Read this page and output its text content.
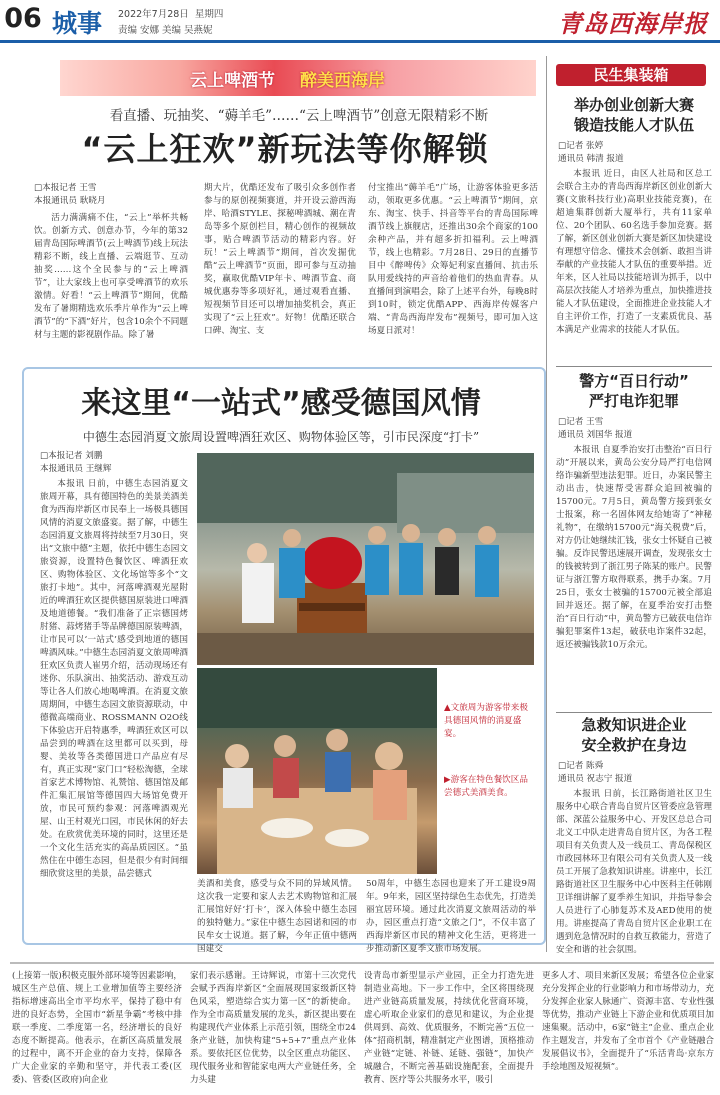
06 城事 2022年7月28日 星期四
责编 安娜 美编 吴燕妮	青岛西海岸报
云上啤酒节 醉美西海岸
看直播、玩抽奖、“薅羊毛”……“云上啤酒节”创意无限精彩不断
“云上狂欢”新玩法等你解锁
□本报记者 王雪
本报通讯员 耿晓月
活力满满痛不住，“云上”举杯共畅饮。创新方式、创意办节，今年的第32届青岛国际啤酒节(云上啤酒节)线上玩法精彩不断，线上直播、云端逛节、互动抽奖……这个全民参与的“云上啤酒节”，让大家线上也可享受啤酒节的欢乐激情。好看！“云上啤酒节”期间，优酷发布了暑期精选欢乐季片单作为“云上啤酒节”的“下酒”好片，包含10余个不同题材与主题的影视剧作品。除了暑
期大片，优酷还发布了吸引众多创作者参与的原创视频赛道，并开设云游西海岸、哈酒STYLE、探秘啤酒城、潮在青岛等多个原创栏目，精心创作的视频故事，贴合啤酒节活动的精彩内容。好玩！“云上啤酒节”期间，首次发掘优酷“云上啤酒节”页面，即可参与互动抽奖，赢取优酷VIP年卡、啤酒节盒、商城优惠券等多项好礼，通过观看直播、短视频节目还可以增加抽奖机会，真正实现了“云上狂欢”。好物！优酷还联合口碑、淘宝、支
付宝推出“薅羊毛”广场，让游客体验更多活动，领取更多优惠。“云上啤酒节”期间，京东、淘宝、快手、抖音等平台的青岛国际啤酒节线上旗舰店，还推出30余个商家的100余种产品，并有超多折扣福利。云上啤酒节，线上也精彩。7月28日、29日的直播节目中《醉啤传》众筹妃利家直播间、抗击乐队用爱线持的声音给着他们的热血青春。从直播间到演唱会，除了上述平台外，每晚8时到10时，锁定优酷APP、西海岸传媒客户端、“青岛西海岸发布”视频号，即可加入这场夏日派对！
来这里“一站式”感受德国风情
中德生态园消夏文旅周设置啤酒狂欢区、购物体验区等，引市民深度“打卡”
□本报记者 刘鹏
本报通讯员 王继辉
本报讯 日前，中德生态园消夏文旅周开幕，具有德国特色的美景美酒美食为西海岸新区市民奉上一场极具德国风情的消夏文旅盛宴。据了解，中德生态园消夏文旅周将持续至7月30日，突出“文旅中德”主题，依托中德生态园文旅资源，设置特色餐饮区、啤酒狂欢区、购物体验区、文化场馆等多个“文旅打卡地”。其中，河落啤酒观光屋附近的啤酒狂欢区提供德国原装进口啤酒及地道德餐。“我们准备了正宗德国烤肘猪、蒜烤猪手等品牌德国原装啤酒，让市民可以‘一站式’感受到地道的德国啤酒风味。”中德生态园消夏文旅周啤酒狂欢区负责人崔男介绍，活动现场还有迷你、乐队演出、抽奖活动、游戏互动等让各人们放心地喝啤酒。在消夏文旅周期间，中德生态园文旅资源联动，中德微高端商业、ROSSMANN O2O线下体验店开启特惠季，啤酒狂欢区可以品尝到的啤酒在这里都可以买到，母婴、美妆等各类德国进口产品应有尽有，真正实现“家门口”轻松淘德，全球首家艺术博物馆、礼赞馆、德国馆及邮件汇集汇展馆等德国四大场馆免费开放，市民可预约参观：河落啤酒观光屋、山王村观光口园，市民休闲的好去处。在欣赏优美环境的同时，这里还是一个文化生活充实的高品质园区。“虽然住在中德生态园，但是很少有时间细细欣赏这里的美景，品尝德式
▲文旅周为游客带来极具德国风情的消夏盛宴。
▶游客在特色餐饮区品尝德式美酒美食。
美酒和美食，感受与众不同的异域风情。这次我一定要和家人去艺术购物馆和汇展汇展馆好好‘打卡’，深入体验中德生态园的独特魅力。”家住中德生态园诺和园的市民牟女士说道。据了解，今年正值中德两国建交
50周年，中德生态园也迎来了开工建设9周年。9年来，园区坚持绿色生态优先，打造美丽宜居环境。通过此次消夏文旅周活动的举办，园区重点打造“文旅之门”，不仅丰富了西海岸新区市民的精神文化生活，更将进一步推动新区夏季文旅市场发展。
民生集装箱
举办创业创新大赛
锻造技能人才队伍
□记者 张婷
通讯员 韩清 报道
本报讯 近日，由区人社局和区总工会联合主办的青岛西海岸新区创业创新大赛(文旅科技行业)高职业技能竞赛)，在超迪集群创新大厦举行，共有11家单位、20个团队、60名选手参加竞赛。据了解，新区创业创新大赛是新区加快建设有理想守信念、懂技术会创新、敢担当讲奉献的产业技能人才队伍的重要举措。近年来，区人社局以技能培训为抓手，以中高层次技能人才培养为重点，加快推进技能人才队伍建设，全面推进企业技能人才自主评价工作，打造了一支素质优良、基本满足产业需求的技能人才队伍。
警方“百日行动”
严打电诈犯罪
□记者 王雪
通讯员 刘国华 报道
本报讯 自夏季治安打击整治“百日行动”开展以来，黄岛公安分局严打电信网络诈骗新型违法犯罪。近日，办案民警主动出击，快速帮受害群众追回被骗的15700元。7月5日，黄岛警方接到张女士报案，称一名固体网友给她寄了“神秘礼物”，在缴纳15700元“海关税费”后，对方仍让她继续汇钱，张女士怀疑自己被骗。反诈民警迅速展开调查，发现张女士的钱被转到了浙江男子陈某的账户。民警证与浙江警方取得联系，携手办案。7月25日，张女士被骗的15700元被全部追回并返还。据了解，在夏季治安打击整治“百日行动”中，黄岛警方已破获电信诈骗犯罪案件13起，破获电诈案件32起，返还被骗钱款10万余元。
急救知识进企业
安全救护在身边
□记者 陈舜
通讯员 祝志宁 报道
本报讯 日前，长江路街道社区卫生服务中心联合青岛自贸片区管委应急管理部、深蓝公益服务中心、开发区总总合司北义工中队走进青岛自贸片区，为各工程项目有关负责人及一线员工、青岛保税区市政园林环卫有限公司有关负责人及一线员工开展了急救知识讲座。讲座中，长江路街道社区卫生服务中心中医科主任韩刚卫详细讲解了夏季养生知识，并指导参会人员进行了心肺复苏术及AED使用的使用。讲座提高了青岛自贸片区企业职工在遇到危急情况时的自救互救能力，营造了安全和谐的社会氛围。
(上接第一版)积极克服外部环境等因素影响，城区生产总值、规上工业增加值等主要经济指标增速高出全市平均水平，保持了稳中有进的良好态势，全国市“新星争霸”考核中排联一季度、二季度第一名，经济增长的良好态度不断提高。他表示，在新区高质量发展的过程中，离不开企业的奋力支持，保障各广大企业家的辛勤和坚守，并代表工委(区委)、管委(区政府)向企业
家们表示感谢。王诗辉说，市第十三次党代会赋予西海岸新区“全面展现国家级新区特色风采，塑造综合实力第一区”的新使命。作为全市高质量发展的龙头，新区提出要在构建现代产业体系上示范引领，围绕全市24条产业链，加快构建“5+5+7”重点产业体系。要依托区位优势，以全区重点功能区、现代服务业和智能家电两大产业链任务，全力头建
设青岛市新型显示产业园，正全力打造先进制造业高地。下一步工作中，全区将围绕现进产业链高质量发展，持续优化营商环境，虚心听取企业家们的意见和建议，为企业提供周到、高效、优质服务，不断完善“五位一体”招商机制，精准制定产业图谱，顶格推动产业链“定链、补链、延链、强链”，加快产城融合，不断完善基础设施配套，全面提升教育、医疗等公共服务水平，吸引
更多人才、项目来新区发展；希望各位企业家充分发挥企业的行业影响力和市场带动力，充分发挥企业家人脉通广、资源丰富、专业性强等优势，推动产业链上下游企业和优质项目加速集聚。活动中，6家“链主”企业、重点企业作主题发言，并发布了全市首个《产业链融合发展倡议书》，全面提升了“乐活青岛·京东方手绘地图及短视频”。
